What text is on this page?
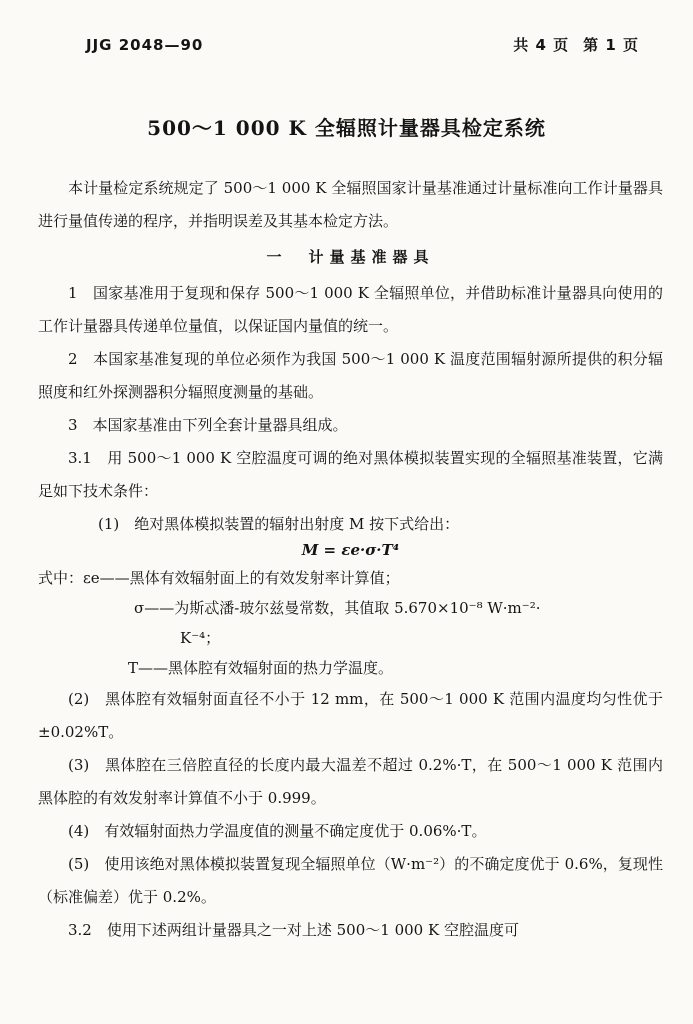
JJG 2048—90	共 4 页 第 1 页
500～1 000 K 全辐照计量器具检定系统

本计量检定系统规定了 500～1 000 K 全辐照国家计量基准通过计量标准向工作计量器具进行量值传递的程序，并指明误差及其基本检定方法。

一　计量基准器具

1　国家基准用于复现和保存 500～1 000 K 全辐照单位，并借助标准计量器具向使用的工作计量器具传递单位量值，以保证国内量值的统一。

2　本国家基准复现的单位必须作为我国 500～1 000 K 温度范围辐射源所提供的积分辐照度和红外探测器积分辐照度测量的基础。

3　本国家基准由下列全套计量器具组成。

3.1　用 500～1 000 K 空腔温度可调的绝对黑体模拟装置实现的全辐照基准装置，它满足如下技术条件：

(1)　绝对黑体模拟装置的辐射出射度 M 按下式给出：

M = εe·σ·T⁴

式中：εe——黑体有效辐射面上的有效发射率计算值；

σ——为斯忒潘-玻尔兹曼常数，其值取 5.670×10⁻⁸ W·m⁻²·

K⁻⁴；

T——黑体腔有效辐射面的热力学温度。

(2)　黑体腔有效辐射面直径不小于 12 mm，在 500～1 000 K 范围内温度均匀性优于 ±0.02%T。

(3)　黑体腔在三倍腔直径的长度内最大温差不超过 0.2%·T，在 500～1 000 K 范围内黑体腔的有效发射率计算值不小于 0.999。

(4)　有效辐射面热力学温度值的测量不确定度优于 0.06%·T。

(5)　使用该绝对黑体模拟装置复现全辐照单位（W·m⁻²）的不确定度优于 0.6%，复现性（标准偏差）优于 0.2%。

3.2　使用下述两组计量器具之一对上述 500～1 000 K 空腔温度可
